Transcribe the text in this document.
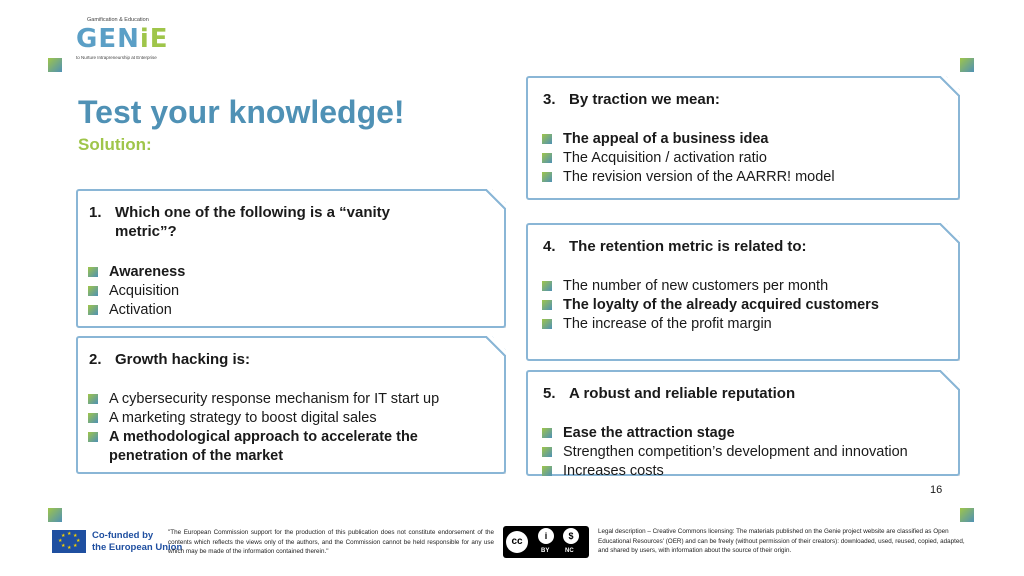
Gamification & Education
GENiE
to Nurture Intrapreneurship at Enterprise
Test your knowledge!
Solution:
1. Which one of the following is a “vanity
metric”?
Awareness
Acquisition
Activation
2. Growth hacking is:
A cybersecurity response mechanism for IT start up
A marketing strategy to boost digital sales
A methodological approach to accelerate the
penetration of the market
3. By traction we mean:
The appeal of a business idea
The Acquisition / activation ratio
The revision version of the AARRR! model
4. The retention metric is related to:
The number of new customers per month
The loyalty of the already acquired customers
The increase of the profit margin
5. A robust and reliable reputation
Ease the attraction stage
Strengthen competition’s development and innovation
Increases costs
16
★ ★
★
★
★
★
★
★	Co-funded by
the European Union
"The European Commission support for the production of this publication does not constitute endorsement of the contents which reflects the views only of the authors, and the Commission cannot be held responsible for any use which may be made of the information contained therein."
cc	i	$
BY	NC
Legal description – Creative Commons licensing: The materials published on the Genie project website are classified as Open Educational Resources' (OER) and can be freely (without permission of their creators): downloaded, used, reused, copied, adapted, and shared by users, with information about the source of their origin.
